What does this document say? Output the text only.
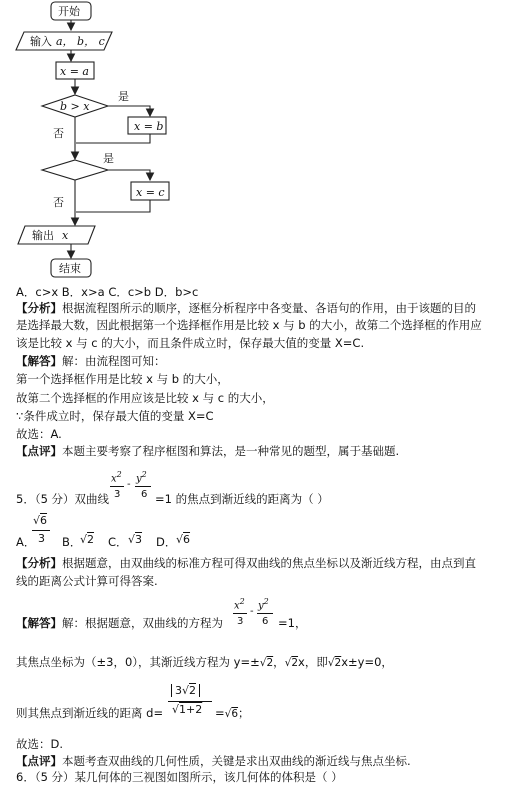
开始
输入 a， b， c
x = a
b > x
是
x = b
否
是
x = c
否
输出 x
结束
A．c>x B．x>a C．c>b D．b>c
【分析】根据流程图所示的顺序，逐框分析程序中各变量、各语句的作用，由于该题的目的
是选择最大数，因此根据第一个选择框作用是比较 x 与 b 的大小，故第二个选择框的作用应
该是比较 x 与 c 的大小，而且条件成立时，保存最大值的变量 X=C.
【解答】解：由流程图可知：
第一个选择框作用是比较 x 与 b 的大小，
故第二个选择框的作用应该是比较 x 与 c 的大小，
∵条件成立时，保存最大值的变量 X=C
故选：A.
【点评】本题主要考察了程序框图和算法，是一种常见的题型，属于基础题.
5．（5 分）双曲线
$x^2$ $y^2$
-
3 6 =1 的焦点到渐近线的距离为（ ）
√6
A． 3 B．
√2 C． √3 D． √6
【分析】根据题意，由双曲线的标准方程可得双曲线的焦点坐标以及渐近线方程，由点到直
线的距离公式计算可得答案.
【解答】解：根据题意，双曲线的方程为
$x^2$ $y^2$
-
3 6 =1，
其焦点坐标为（±3，0），其渐近线方程为 y=±√2，√2x，即√2x±y=0，
则其焦点到渐近线的距离 d=
3√2
√1+2 =√6；
故选：D.
【点评】本题考查双曲线的几何性质，关键是求出双曲线的渐近线与焦点坐标.
6．（5 分）某几何体的三视图如图所示，该几何体的体积是（ ）
